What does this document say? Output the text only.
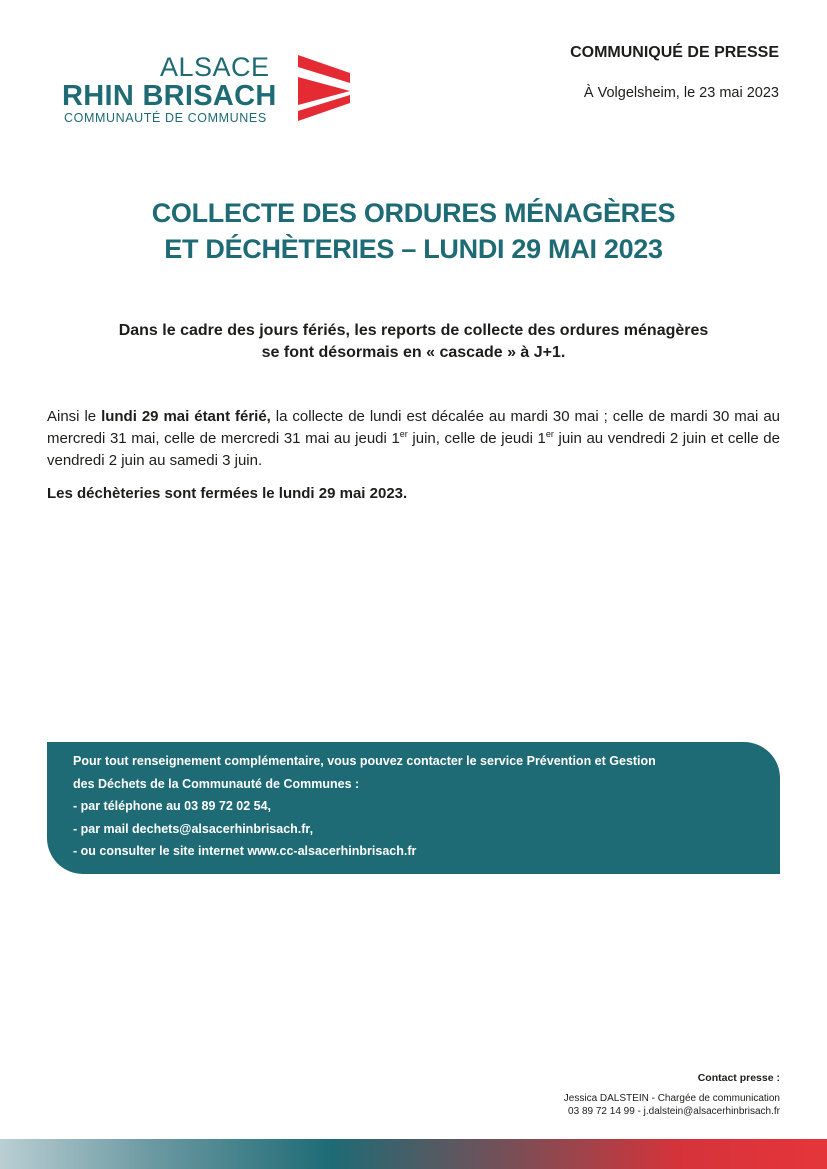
ALSACE
RHIN BRISACH
COMMUNAUTÉ DE COMMUNES
COMMUNIQUÉ DE PRESSE
À Volgelsheim, le 23 mai 2023
COLLECTE DES ORDURES MÉNAGÈRES
ET DÉCHÈTERIES – LUNDI 29 MAI 2023
Dans le cadre des jours fériés, les reports de collecte des ordures ménagères
se font désormais en « cascade » à J+1.
Ainsi le lundi 29 mai étant férié, la collecte de lundi est décalée au mardi 30 mai ; celle de mardi 30 mai au mercredi 31 mai, celle de mercredi 31 mai au jeudi 1er juin, celle de jeudi 1er juin au vendredi 2 juin et celle de vendredi 2 juin au samedi 3 juin.
Les déchèteries sont fermées le lundi 29 mai 2023.
Pour tout renseignement complémentaire, vous pouvez contacter le service Prévention et Gestion
des Déchets de la Communauté de Communes :
- par téléphone au 03 89 72 02 54,
- par mail dechets@alsacerhinbrisach.fr,
- ou consulter le site internet www.cc-alsacerhinbrisach.fr
Contact presse :
Jessica DALSTEIN - Chargée de communication
03 89 72 14 99 - j.dalstein@alsacerhinbrisach.fr
